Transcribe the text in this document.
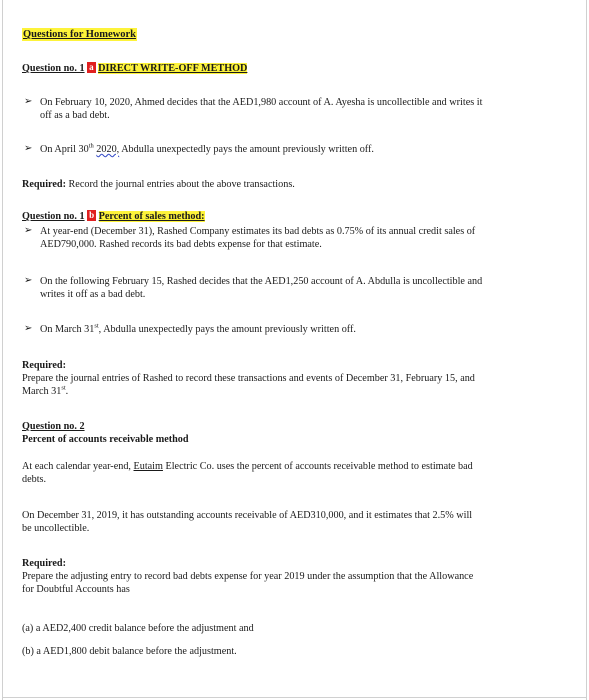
Questions for Homework
Question no. 1 a DIRECT WRITE-OFF METHOD
➢ On February 10, 2020, Ahmed decides that the AED1,980 account of A. Ayesha is uncollectible and writes it
off as a bad debt.
➢ On April 30th 2020, Abdulla unexpectedly pays the amount previously written off.
Required: Record the journal entries about the above transactions.
Question no. 1 b Percent of sales method:
➢ At year-end (December 31), Rashed Company estimates its bad debts as 0.75% of its annual credit sales of
AED790,000. Rashed records its bad debts expense for that estimate.
➢ On the following February 15, Rashed decides that the AED1,250 account of A. Abdulla is uncollectible and
writes it off as a bad debt.
➢ On March 31st, Abdulla unexpectedly pays the amount previously written off.
Required:
Prepare the journal entries of Rashed to record these transactions and events of December 31, February 15, and
March 31st.
Question no. 2
Percent of accounts receivable method
At each calendar year-end, Eutaim Electric Co. uses the percent of accounts receivable method to estimate bad
debts.
On December 31, 2019, it has outstanding accounts receivable of AED310,000, and it estimates that 2.5% will
be uncollectible.
Required:
Prepare the adjusting entry to record bad debts expense for year 2019 under the assumption that the Allowance
for Doubtful Accounts has
(a) a AED2,400 credit balance before the adjustment and
(b) a AED1,800 debit balance before the adjustment.
